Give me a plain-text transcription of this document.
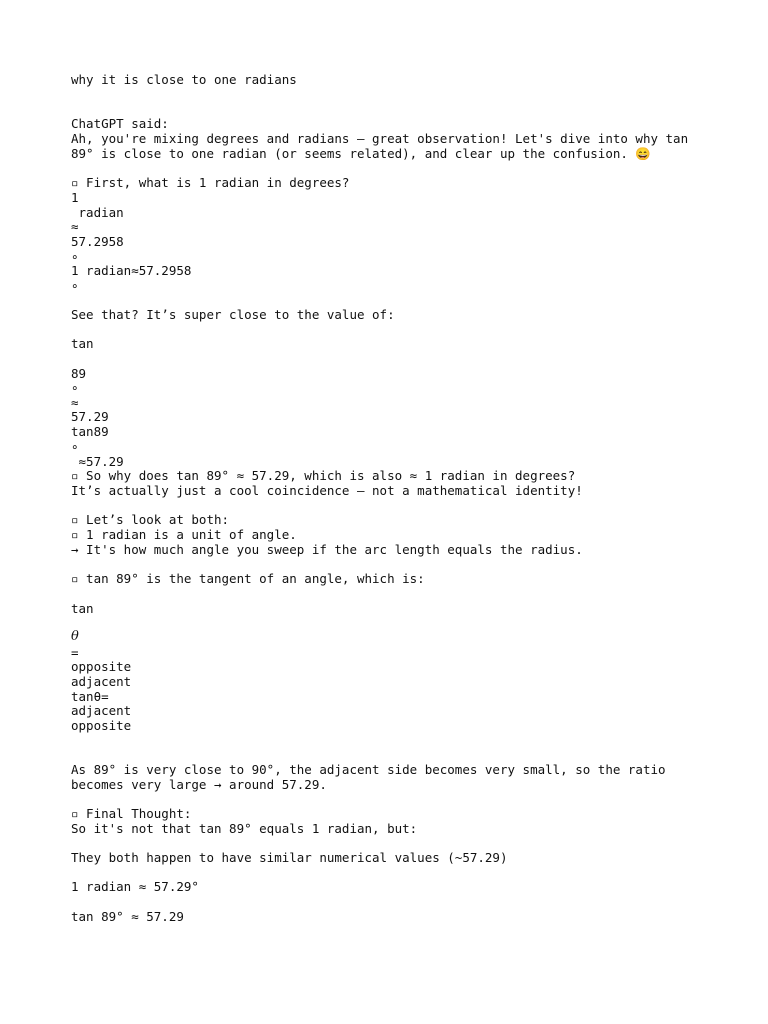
why it is close to one radians
ChatGPT said:
Ah, you're mixing degrees and radians — great observation! Let's dive into why tan
89° is close to one radian (or seems related), and clear up the confusion. 😄
▫ First, what is 1 radian in degrees?
1
radian
≈
57.2958
∘
1 radian≈57.2958
∘
See that? It’s super close to the value of:
tan
89
∘
≈
57.29
tan89
∘
≈57.29
▫ So why does tan 89° ≈ 57.29, which is also ≈ 1 radian in degrees?
It’s actually just a cool coincidence — not a mathematical identity!
▫ Let’s look at both:
▫ 1 radian is a unit of angle.
→ It's how much angle you sweep if the arc length equals the radius.
▫ tan 89° is the tangent of an angle, which is:
tan
θ
=
opposite
adjacent
tanθ=
adjacent
opposite
As 89° is very close to 90°, the adjacent side becomes very small, so the ratio
becomes very large → around 57.29.
▫ Final Thought:
So it's not that tan 89° equals 1 radian, but:
They both happen to have similar numerical values (~57.29)
1 radian ≈ 57.29°
tan 89° ≈ 57.29
